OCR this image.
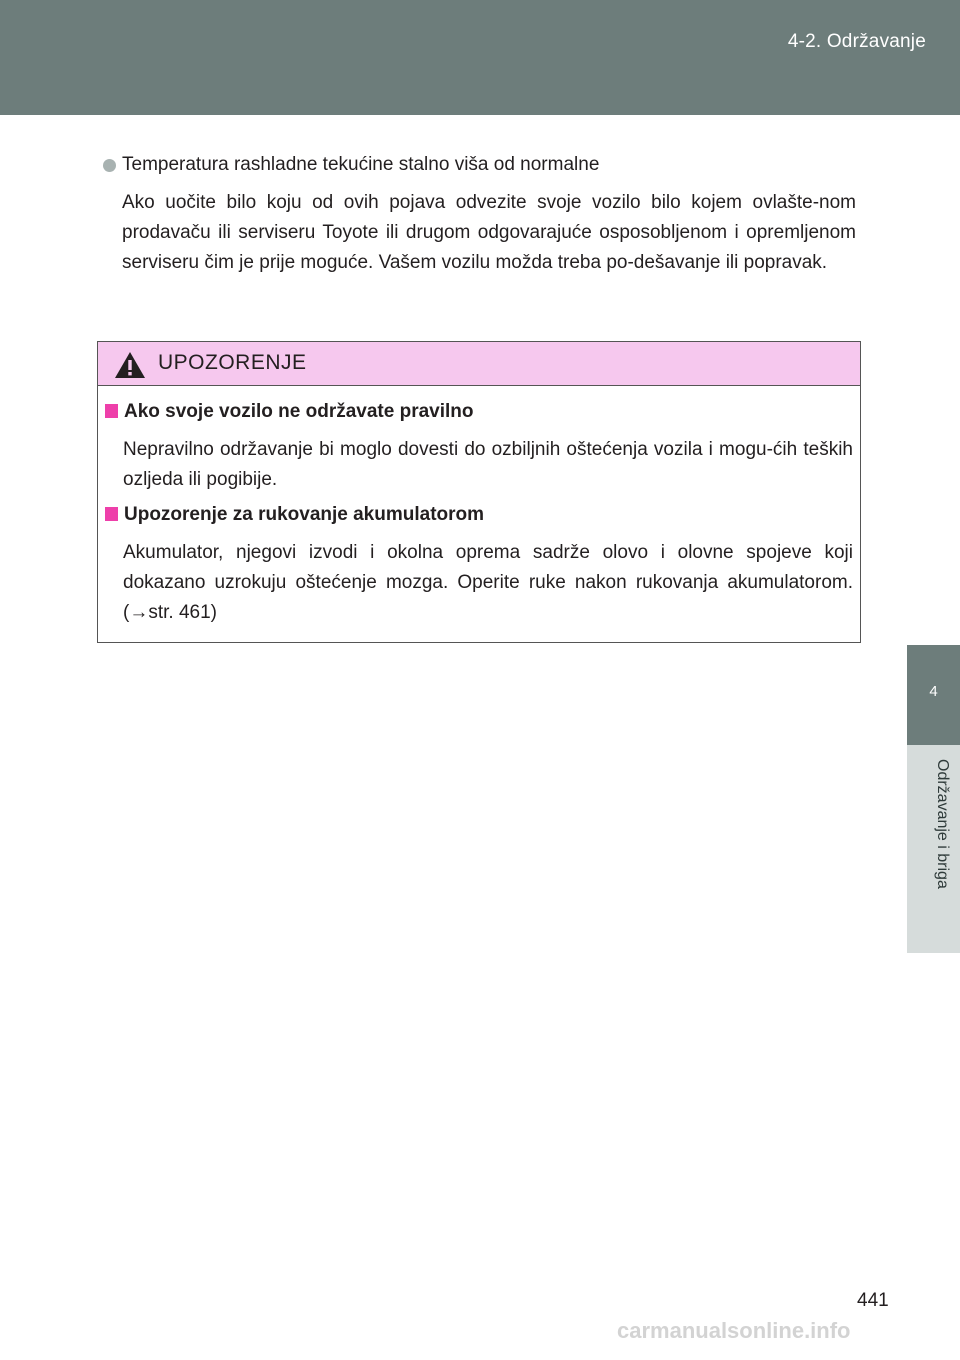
4-2. Održavanje
4
Održavanje i briga
Temperatura rashladne tekućine stalno viša od normalne
Ako uočite bilo koju od ovih pojava odvezite svoje vozilo bilo kojem ovlašte-nom prodavaču ili serviseru Toyote ili drugom odgovarajuće osposobljenom i opremljenom serviseru čim je prije moguće. Vašem vozilu možda treba po-dešavanje ili popravak.
UPOZORENJE
Ako svoje vozilo ne održavate pravilno
Nepravilno održavanje bi moglo dovesti do ozbiljnih oštećenja vozila i mogu-ćih teških ozljeda ili pogibije.
Upozorenje za rukovanje akumulatorom
Akumulator, njegovi izvodi i okolna oprema sadrže olovo i olovne spojeve koji dokazano uzrokuju oštećenje mozga. Operite ruke nakon rukovanja akumulatorom. (→str. 461)
441
carmanualsonline.info
